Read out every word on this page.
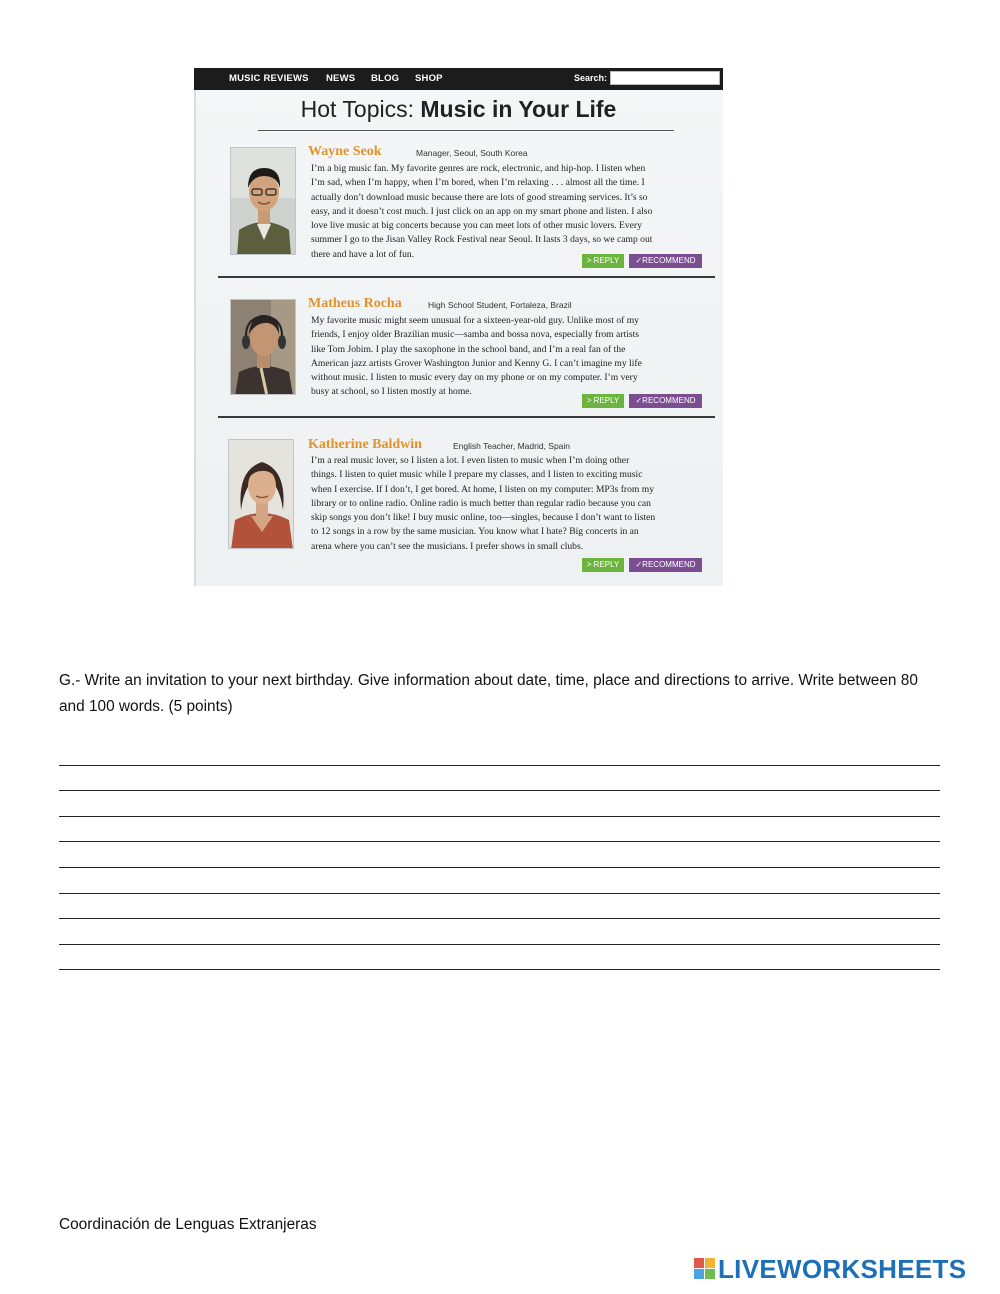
MUSIC REVIEWS NEWS BLOG SHOP	Search:
Hot Topics: Music in Your Life
Wayne Seok	Manager, Seoul, South Korea
I’m a big music fan. My favorite genres are rock, electronic, and hip-hop. I listen when
I’m sad, when I’m happy, when I’m bored, when I’m relaxing . . . almost all the time. I
actually don’t download music because there are lots of good streaming services. It’s so
easy, and it doesn’t cost much. I just click on an app on my smart phone and listen. I also
love live music at big concerts because you can meet lots of other music lovers. Every
summer I go to the Jisan Valley Rock Festival near Seoul. It lasts 3 days, so we camp out
there and have a lot of fun.
> REPLY	✓RECOMMEND
Matheus Rocha	High School Student, Fortaleza, Brazil
My favorite music might seem unusual for a sixteen-year-old guy. Unlike most of my
friends, I enjoy older Brazilian music—samba and bossa nova, especially from artists
like Tom Jobim. I play the saxophone in the school band, and I’m a real fan of the
American jazz artists Grover Washington Junior and Kenny G. I can’t imagine my life
without music. I listen to music every day on my phone or on my computer. I’m very
busy at school, so I listen mostly at home.
> REPLY	✓RECOMMEND
Katherine Baldwin	English Teacher, Madrid, Spain
I’m a real music lover, so I listen a lot. I even listen to music when I’m doing other
things. I listen to quiet music while I prepare my classes, and I listen to exciting music
when I exercise. If I don’t, I get bored. At home, I listen on my computer: MP3s from my
library or to online radio. Online radio is much better than regular radio because you can
skip songs you don’t like! I buy music online, too—singles, because I don’t want to listen
to 12 songs in a row by the same musician. You know what I hate? Big concerts in an
arena where you can’t see the musicians. I prefer shows in small clubs.
> REPLY	✓RECOMMEND
G.- Write an invitation to your next birthday. Give information about date, time, place and directions to arrive. Write between 80 and 100 words. (5 points)
Coordinación de Lenguas Extranjeras
LIVEWORKSHEETS
